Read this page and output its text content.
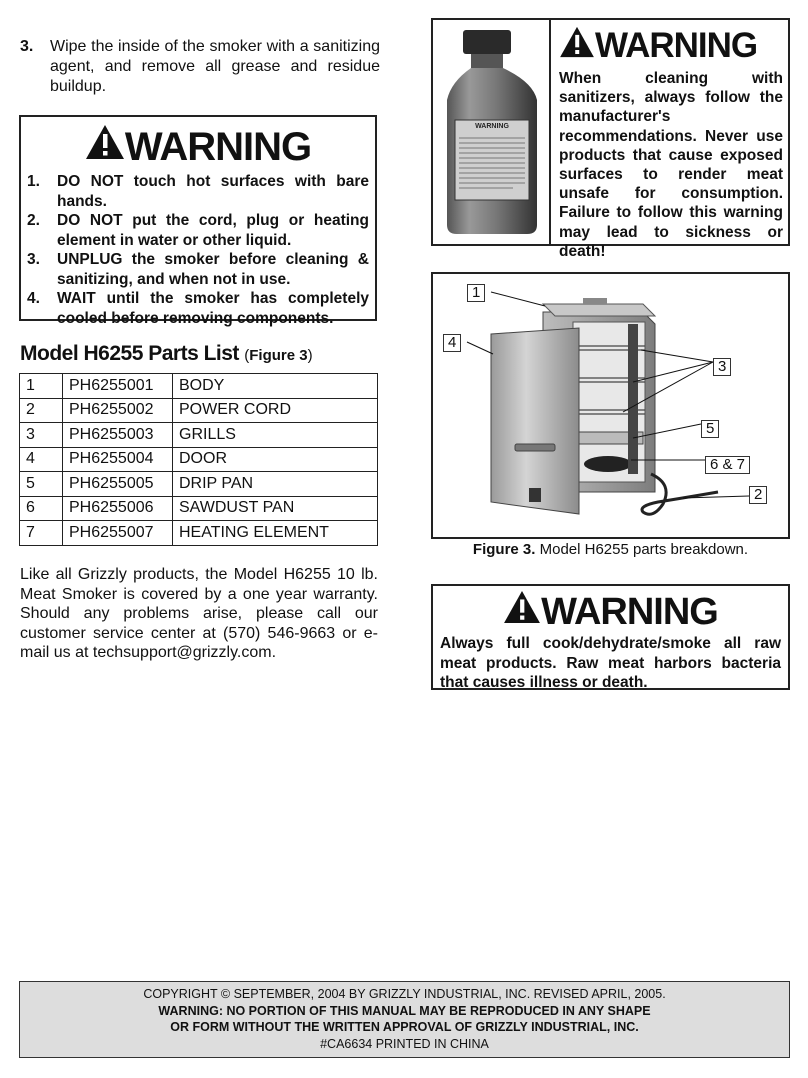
3.	Wipe the inside of the smoker with a sanitizing agent, and remove all grease and residue buildup.
WARNING
1.	DO NOT touch hot surfaces with bare hands.
2.	DO NOT put the cord, plug or heating element in water or other liquid.
3.	UNPLUG the smoker before cleaning & sanitizing, and when not in use.
4.	WAIT until the smoker has completely cooled before removing components.
Model H6255 Parts List (Figure 3)
1	PH6255001	BODY
2	PH6255002	POWER CORD
3	PH6255003	GRILLS
4	PH6255004	DOOR
5	PH6255005	DRIP PAN
6	PH6255006	SAWDUST PAN
7	PH6255007	HEATING ELEMENT
Like all Grizzly products, the Model H6255 10 lb. Meat Smoker is covered by a one year warranty. Should any problems arise, please call our customer service center at (570) 546-9663 or e-mail us at techsupport@grizzly.com.
WARNING
WARNING

When cleaning with sanitizers, always follow the manufacturer's recommendations. Never use products that cause exposed surfaces to render meat unsafe for consumption. Failure to follow this warning may lead to sickness or death!

1
4
3
5
6 & 7
2
Figure 3. Model H6255 parts breakdown.
WARNING

Always full cook/dehydrate/smoke all raw meat products. Raw meat harbors bacteria that causes illness or death.

COPYRIGHT © SEPTEMBER, 2004 BY GRIZZLY INDUSTRIAL, INC. REVISED APRIL, 2005.
WARNING: NO PORTION OF THIS MANUAL MAY BE REPRODUCED IN ANY SHAPE
OR FORM WITHOUT THE WRITTEN APPROVAL OF GRIZZLY INDUSTRIAL, INC.
#CA6634 PRINTED IN CHINA
